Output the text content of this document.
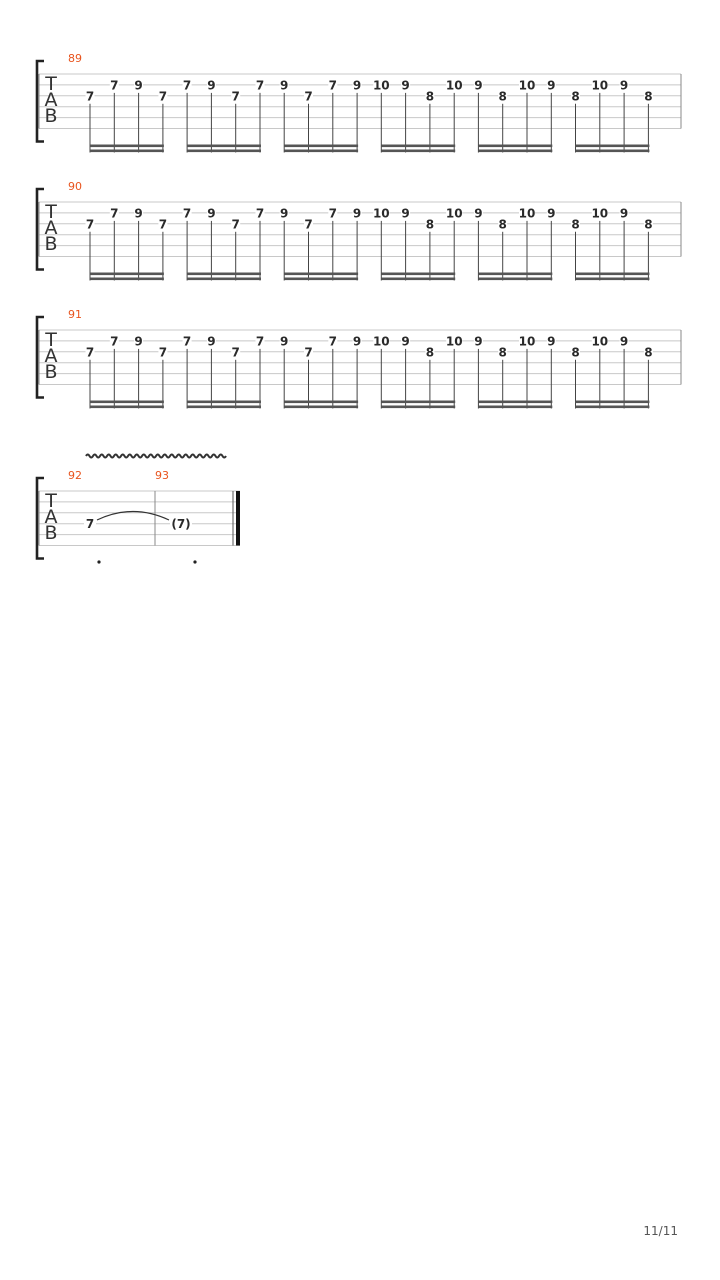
89
T
A
B
7
7 9
7
7 9
7
7 9
7
7 9 10 9
8
10 9
8
10 9
8
10 9
8
90
T
A
B
7
7 9
7
7 9
7
7 9
7
7 9 10 9
8
10 9
8
10 9
8
10 9
8
91
T
A
B
7
7 9
7
7 9
7
7 9
7
7 9 10 9
8
10 9
8
10 9
8
10 9
8
92	93
T
A
B 7	(7)
11/11
